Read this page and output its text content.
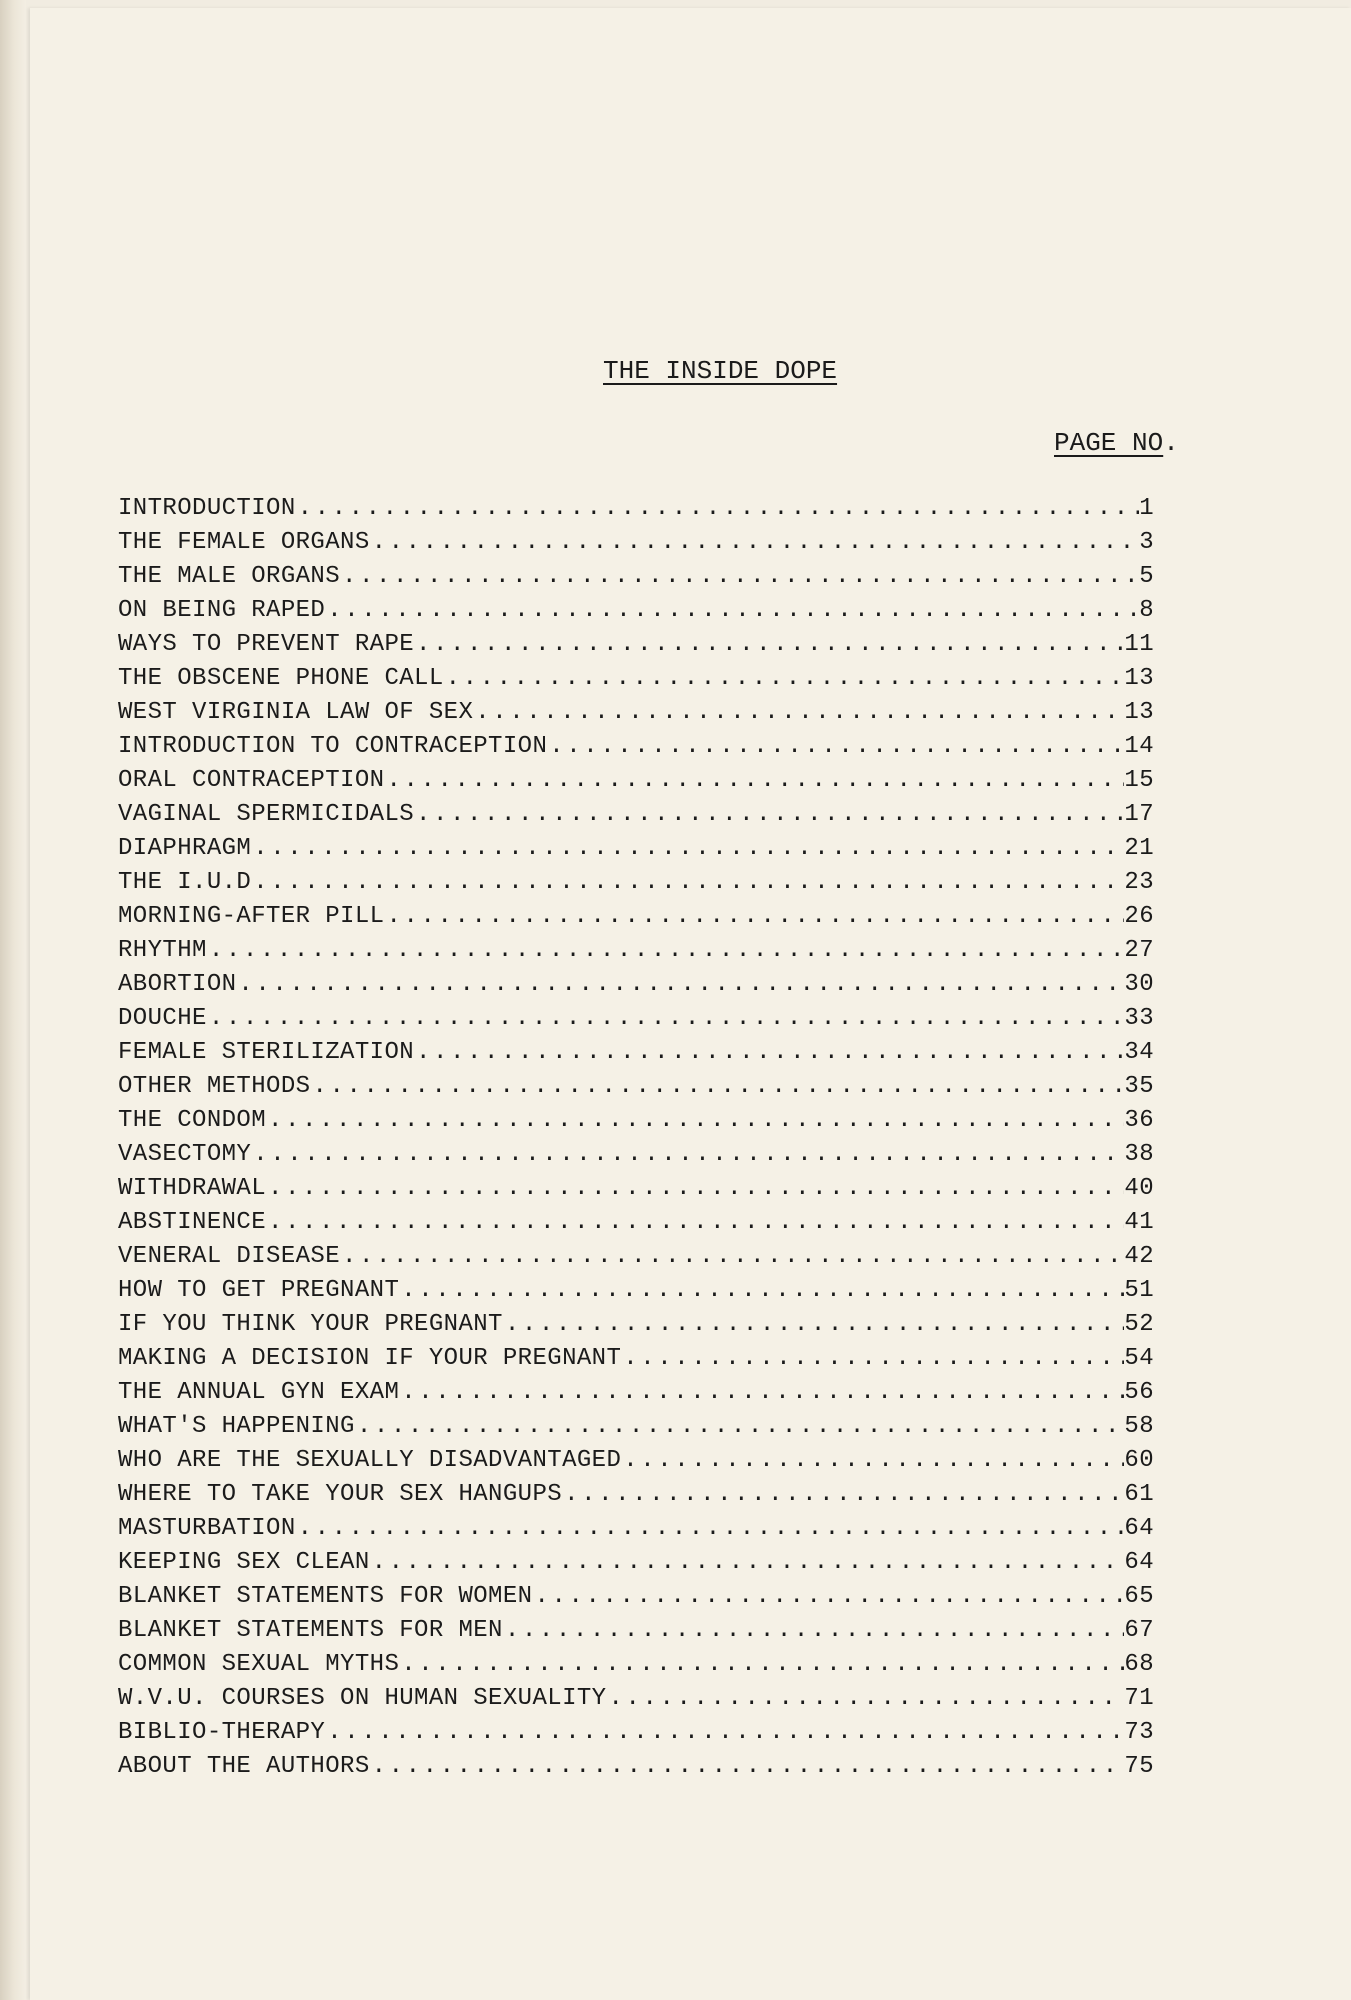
THE INSIDE DOPE
PAGE NO.
INTRODUCTION .....	1
THE FEMALE ORGANS .....	3
THE MALE ORGANS .....	5
ON BEING RAPED .....	8
WAYS TO PREVENT RAPE .....	11
THE OBSCENE PHONE CALL .....	13
WEST VIRGINIA LAW OF SEX .....	13
INTRODUCTION TO CONTRACEPTION .....	14
ORAL CONTRACEPTION .....	15
VAGINAL SPERMICIDALS .....	17
DIAPHRAGM .....	21
THE I.U.D .....	23
MORNING-AFTER PILL .....	26
RHYTHM .....	27
ABORTION .....	30
DOUCHE .....	33
FEMALE STERILIZATION .....	34
OTHER METHODS .....	35
THE CONDOM .....	36
VASECTOMY .....	38
WITHDRAWAL .....	40
ABSTINENCE .....	41
VENERAL DISEASE .....	42
HOW TO GET PREGNANT .....	51
IF YOU THINK YOUR PREGNANT .....	52
MAKING A DECISION IF YOUR PREGNANT .....	54
THE ANNUAL GYN EXAM .....	56
WHAT'S HAPPENING .....	58
WHO ARE THE SEXUALLY DISADVANTAGED .....	60
WHERE TO TAKE YOUR SEX HANGUPS .....	61
MASTURBATION .....	64
KEEPING SEX CLEAN .....	64
BLANKET STATEMENTS FOR WOMEN .....	65
BLANKET STATEMENTS FOR MEN .....	67
COMMON SEXUAL MYTHS .....	68
W.V.U. COURSES ON HUMAN SEXUALITY .....	71
BIBLIO-THERAPY .....	73
ABOUT THE AUTHORS .....	75
